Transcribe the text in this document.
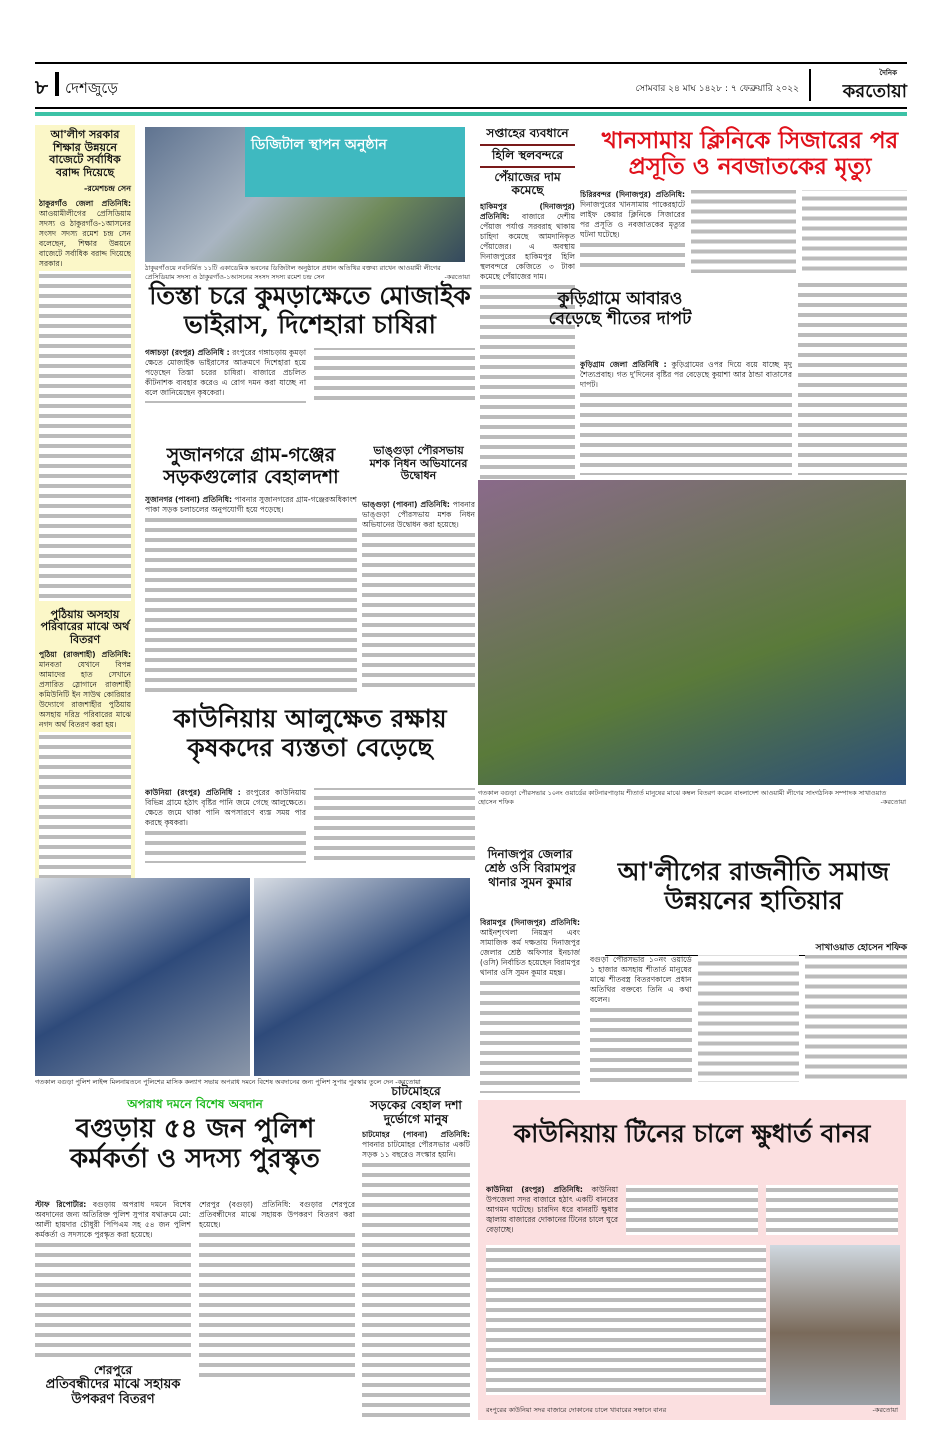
৮ দেশজুড়ে	সোমবার ২৪ মাঘ ১৪২৮ : ৭ ফেব্রুয়ারি ২০২২
দৈনিক
করতোয়া
আ'লীগ সরকার শিক্ষার উন্নয়নে বাজেটে সর্বাধিক বরাদ্দ দিয়েছে
-রমেশচন্দ্র সেন
ঠাকুরগাঁও জেলা প্রতিনিধি: আওয়ামীলীগের প্রেসিডিয়াম সদস্য ও ঠাকুরগাঁও-১আসনের সংসদ সদস্য রমেশ চন্দ্র সেন বলেছেন, শিক্ষার উন্নয়নে বাজেটে সর্বাধিক বরাদ্দ দিয়েছে সরকার।
পুঠিয়ায় অসহায় পরিবারের মাঝে অর্থ বিতরণ
পুঠিয়া (রাজশাহী) প্রতিনিধি: মানবতা যেখানে বিপন্ন আমাদের হাত সেখানে প্রসারিত স্লোগানে রাজশাহী কমিউনিটি ইন সাউথ কোরিয়ার উদ্যোগে রাজশাহীর পুঠিয়ায় অসহায় দরিদ্র পরিবারের মাঝে নগদ অর্থ বিতরণ করা হয়।
ডিজিটাল স্থাপন অনুষ্ঠান
ঠাকুরগাঁওয়ে নবনির্মিত ১১টি একাডেমিক ভবনের ডিজিটাল অনুষ্ঠানে প্রধান অতিথির বক্তব্য রাখেন আওয়ামী লীগের প্রেসিডিয়াম সদস্য ও ঠাকুরগাঁও-১আসনের সংসদ সদস্য রমেশ চন্দ্র সেন	-করতোয়া
তিস্তা চরে কুমড়াক্ষেতে মোজাইক ভাইরাস, দিশেহারা চাষিরা
গঙ্গাচড়া (রংপুর) প্রতিনিধি : রংপুরের গঙ্গাচড়ায় কুমড়া ক্ষেতে মোজাইক ভাইরাসের আক্রমণে দিশেহারা হয়ে পড়েছেন তিস্তা চরের চাষিরা। বাজারে প্রচলিত কীটনাশক ব্যবহার করেও এ রোগ দমন করা যাচ্ছে না বলে জানিয়েছেন কৃষকেরা।
সুজানগরে গ্রাম-গঞ্জের সড়কগুলোর বেহালদশা
সুজানগর (পাবনা) প্রতিনিধি: পাবনার সুজানগরের গ্রাম-গঞ্জেরঅধিকাংশ পাকা সড়ক চলাচলের অনুপযোগী হয়ে পড়েছে।
ভাঙ্গুড়া পৌরসভায় মশক নিধন অভিযানের উদ্বোধন
ভাঙ্গুড়া (পাবনা) প্রতিনিধি: পাবনার ভাঙ্গুড়া পৌরসভায় মশক নিধন অভিযানের উদ্বোধন করা হয়েছে।
কাউনিয়ায় আলুক্ষেত রক্ষায় কৃষকদের ব্যস্ততা বেড়েছে
কাউনিয়া (রংপুর) প্রতিনিধি : রংপুরের কাউনিয়ায় বিভিন্ন গ্রামে হঠাৎ বৃষ্টির পানি জমে গেছে আলুক্ষেতে। ক্ষেতে জমে থাকা পানি অপসারণে ব্যস্ত সময় পার করছে কৃষকরা।
সপ্তাহের ব্যবধানে
হিলি স্থলবন্দরে
পেঁয়াজের দাম কমেছে
হাকিমপুর (দিনাজপুর) প্রতিনিধি: বাজারে দেশীয় পেঁয়াজ পর্যাপ্ত সরবরাহ থাকায় চাহিদা কমেছে আমদানিকৃত পেঁয়াজের। এ অবস্থায় দিনাজপুরের হাকিমপুর হিলি স্থলবন্দরে কেজিতে ৩ টাকা কমেছে পেঁয়াজের দাম।
খানসামায় ক্লিনিকে সিজারের পর প্রসূতি ও নবজাতকের মৃত্যু
চিরিরবন্দর (দিনাজপুর) প্রতিনিধি: দিনাজপুরের খানসামায় পাকেরহাটে লাইফ কেয়ার ক্লিনিকে সিজারের পর প্রসূতি ও নবজাতকের মৃত্যুর ঘটনা ঘটেছে।
কুড়িগ্রামে আবারও বেড়েছে শীতের দাপট
কুড়িগ্রাম জেলা প্রতিনিধি : কুড়িগ্রামের ওপর দিয়ে বয়ে যাচ্ছে মৃদু শৈত্যপ্রবাহ। গত দু'দিনের বৃষ্টির পর বেড়েছে কুয়াশা আর ঠান্ডা বাতাসের দাপট।
গতকাল বগুড়া পৌরসভার ১০নং ওয়ার্ডের কাটনারপাড়ায় শীতার্ত মানুষের মাঝে কম্বল বিতরণ করেন বাংলাদেশ আওয়ামী লীগের সাংগঠনিক সম্পাদক সাখাওয়াত হোসেন শফিক	-করতোয়া
দিনাজপুর জেলার শ্রেষ্ঠ ওসি বিরামপুর থানার সুমন কুমার
বিরামপুর (দিনাজপুর) প্রতিনিধি: আইনশৃংখলা নিয়ন্ত্রণ এবং সামাজিক কর্ম দক্ষতায় দিনাজপুর জেলার শ্রেষ্ঠ অফিসার ইনচার্জ (ওসি) নির্বাচিত হয়েছেন বিরামপুর থানার ওসি সুমন কুমার মহন্ত।
আ'লীগের রাজনীতি সমাজ উন্নয়নের হাতিয়ার
সাখাওয়াত হোসেন শফিক
বগুড়া পৌরসভার ১০নং ওয়ার্ডে ১ হাজার অসহায় শীতার্ত মানুষের মাঝে শীতবস্ত্র বিতরণকালে প্রধান অতিথির বক্তব্যে তিনি এ কথা বলেন।
গতকাল বগুড়া পুলিশ লাইন্স মিলনায়তনে পুলিশের মাসিক কল্যাণ সভায় অপরাধ দমনে বিশেষ অবদানের জন্য পুলিশ সুপার পুরস্কার তুলে দেন -করতোয়া
অপরাধ দমনে বিশেষ অবদান
বগুড়ায় ৫৪ জন পুলিশ কর্মকর্তা ও সদস্য পুরস্কৃত
স্টাফ রিপোর্টার: বগুড়ায় অপরাধ দমনে বিশেষ অবদানের জন্য অতিরিক্ত পুলিশ সুপার যথাক্রমে মো: আলী হায়দার চৌধুরী পিপিএম সহ ৫৪ জন পুলিশ কর্মকর্তা ও সদস্যকে পুরস্কৃত করা হয়েছে।
শেরপুরে
প্রতিবন্ধীদের মাঝে সহায়ক উপকরণ বিতরণ
শেরপুর (বগুড়া) প্রতিনিধি: বগুড়ার শেরপুরে প্রতিবন্ধীদের মাঝে সহায়ক উপকরণ বিতরণ করা হয়েছে।
চাটমোহরে
সড়কের বেহাল দশা দুর্ভোগে মানুষ
চাটমোহর (পাবনা) প্রতিনিধি: পাবনার চাটমোহর পৌরসভার একটি সড়ক ১১ বছরেও সংস্কার হয়নি।
কাউনিয়ায় টিনের চালে ক্ষুধার্ত বানর
কাউনিয়া (রংপুর) প্রতিনিধি: কাউনিয়া উপজেলা সদর বাজারে হঠাৎ একটি বানরের আগমন ঘটেছে। চারদিন ধরে বানরটি ক্ষুধার জ্বালায় বাজারের দোকানের টিনের চালে ঘুরে বেড়াচ্ছে।
রংপুরের কাউনিয়া সদর বাজারে দোকানের চালে খাবারের সন্ধানে বানর	-করতোয়া
